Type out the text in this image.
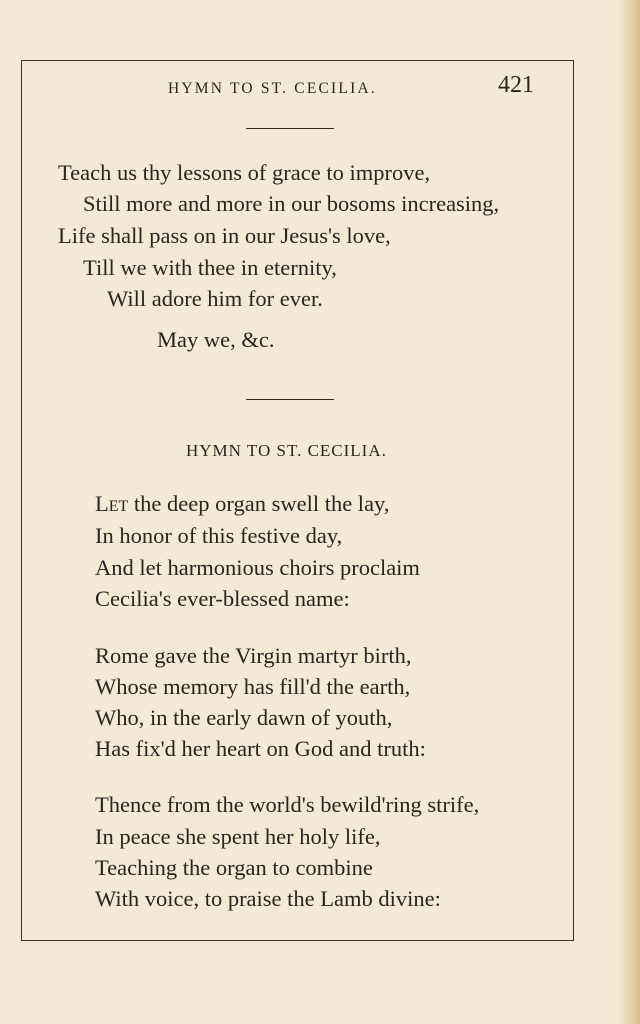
HYMN TO ST. CECILIA.	421
Teach us thy lessons of grace to improve,
Still more and more in our bosoms increasing,
Life shall pass on in our Jesus's love,
Till we with thee in eternity,
Will adore him for ever.
May we, &c.
HYMN TO ST. CECILIA.
Let the deep organ swell the lay,
In honor of this festive day,
And let harmonious choirs proclaim
Cecilia's ever-blessed name:
Rome gave the Virgin martyr birth,
Whose memory has fill'd the earth,
Who, in the early dawn of youth,
Has fix'd her heart on God and truth:
Thence from the world's bewild'ring strife,
In peace she spent her holy life,
Teaching the organ to combine
With voice, to praise the Lamb divine:
